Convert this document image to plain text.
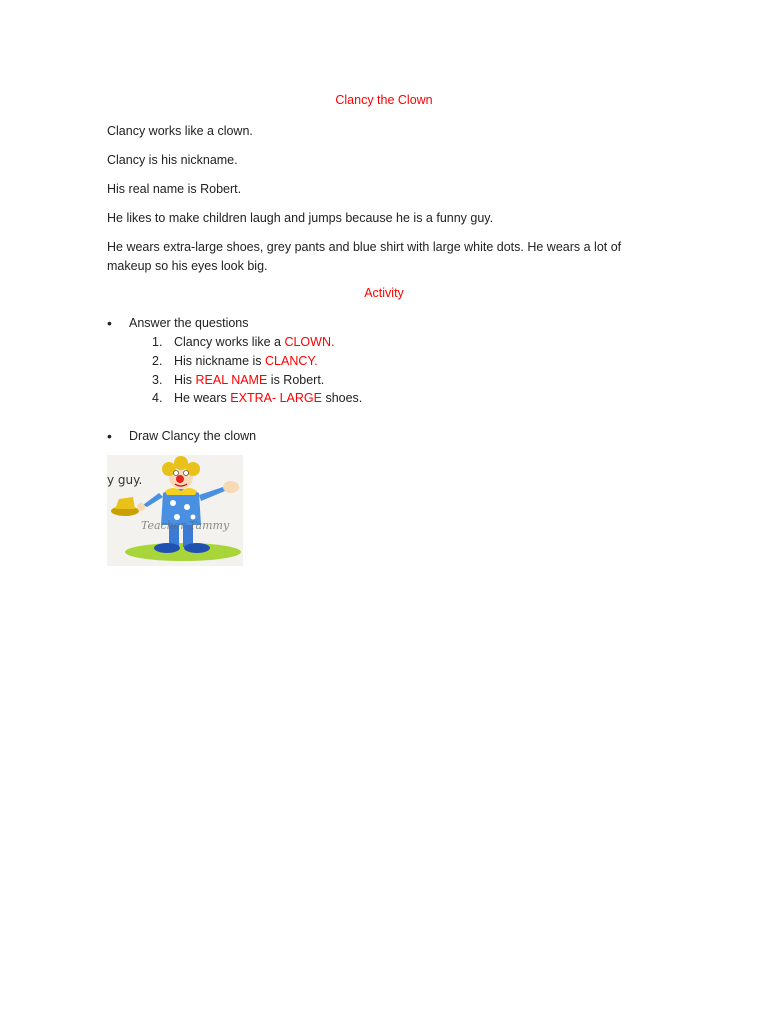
Clancy the Clown

Clancy works like a clown.

Clancy is his nickname.

His real name is Robert.

He likes to make children laugh and jumps because he is a funny guy.

He wears extra-large shoes, grey pants and blue shirt with large white dots. He wears a lot of makeup so his eyes look big.

Activity
• Answer the questions
1. Clancy works like a CLOWN.
2. His nickname is CLANCY.
3. His REAL NAME is Robert.
4. He wears EXTRA- LARGE shoes.
• Draw Clancy the clown
y guy.
Teacher Tammy
